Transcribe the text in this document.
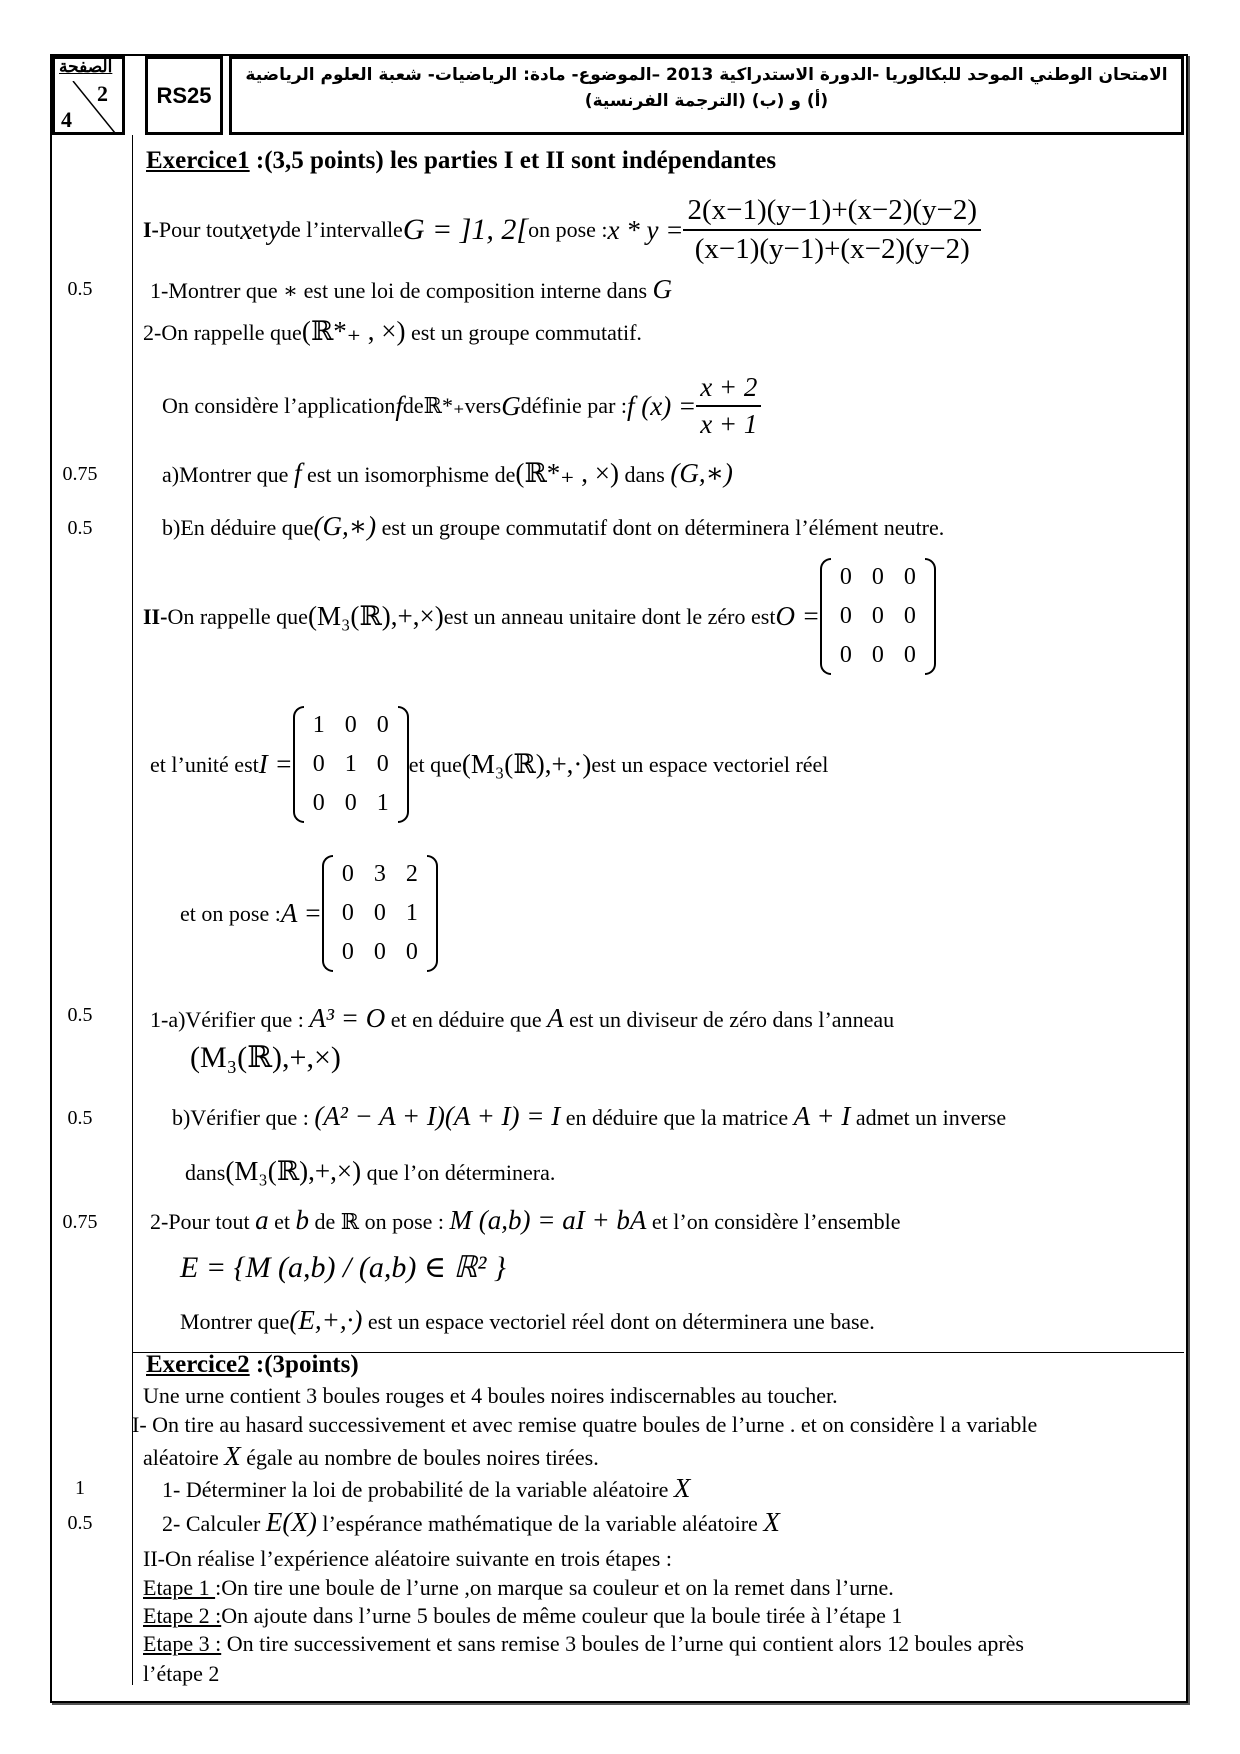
الصفحة
2
4
RS25
الامتحان الوطني الموحد للبكالوريا -الدورة الاستدراكية 2013 –الموضوع- مادة: الرياضيات- شعبة العلوم الرياضية
(أ) و (ب) (الترجمة الفرنسية)
Exercice1 :(3,5 points) les parties I et II sont indépendantes
I- Pour tout x et y de l’intervalle G = ]1, 2[ on pose : $x * y = \frac{2(x-1)(y-1)+(x-2)(y-2)}{(x-1)(y-1)+(x-2)(y-2)}$
0.5	1-Montrer que ∗ est une loi de composition interne dans G
2-On rappelle que(ℝ*₊ , ×) est un groupe commutatif.
On considère l’application f de ℝ*₊ vers G définie par : f $(x) = \frac{x + 2}{x + 1}$
0.75	a)Montrer que f est un isomorphisme de(ℝ*₊ , ×) dans (G,∗)
0.5	b)En déduire que(G,∗) est un groupe commutatif dont on déterminera l’élément neutre.
II- On rappelle que (M₃(ℝ),+,×) est un anneau unitaire dont le zéro est O =
0	0	0
0	0	0
0	0	0
et l’unité est I =
1	0	0
0	1	0
0	0	1
et que (M₃(ℝ),+,·) est un espace vectoriel réel
et on pose : A =
0	3	2
0	0	1
0	0	0
0.5	1-a)Vérifier que : A³ = O et en déduire que A est un diviseur de zéro dans l’anneau
(M₃(ℝ),+,×)
0.5	b)Vérifier que : (A² − A + I)(A + I) = I en déduire que la matrice A + I admet un inverse
dans(M₃(ℝ),+,×) que l’on déterminera.
0.75 2-Pour tout a et b de ℝ on pose : M (a,b) = aI + bA et l’on considère l’ensemble
E = {M (a,b) / (a,b) ∈ ℝ² }
Montrer que(E,+,·) est un espace vectoriel réel dont on déterminera une base.
Exercice2 :(3points)
Une urne contient 3 boules rouges et 4 boules noires indiscernables au toucher.
I- On tire au hasard successivement et avec remise quatre boules de l’urne . et on considère l a variable
aléatoire X égale au nombre de boules noires tirées.
1	1- Déterminer la loi de probabilité de la variable aléatoire X
0.5	2- Calculer E(X) l’espérance mathématique de la variable aléatoire X
II-On réalise l’expérience aléatoire suivante en trois étapes :
Etape 1 :On tire une boule de l’urne ,on marque sa couleur et on la remet dans l’urne.
Etape 2 :On ajoute dans l’urne 5 boules de même couleur que la boule tirée à l’étape 1
Etape 3 : On tire successivement et sans remise 3 boules de l’urne qui contient alors 12 boules après
l’étape 2
